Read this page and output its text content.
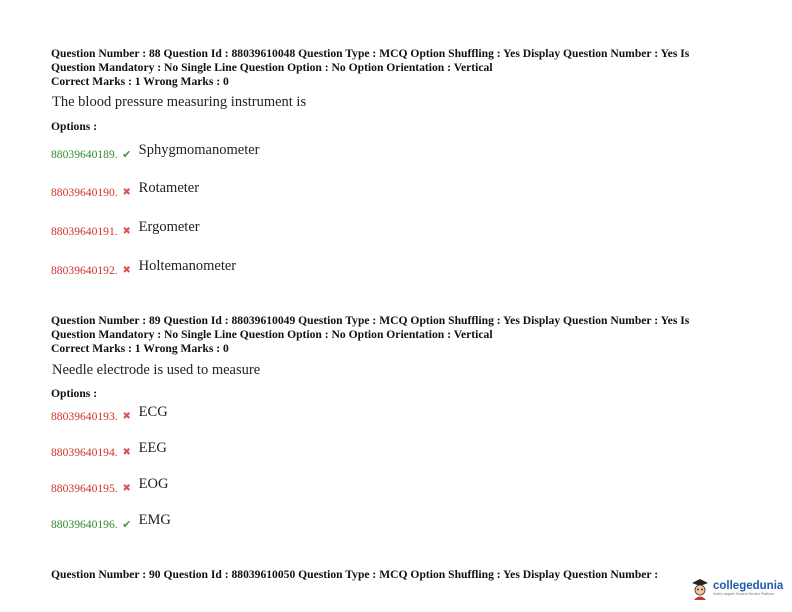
Question Number : 88 Question Id : 88039610048 Question Type : MCQ Option Shuffling : Yes Display Question Number : Yes Is
Question Mandatory : No Single Line Question Option : No Option Orientation : Vertical
Correct Marks : 1 Wrong Marks : 0
The blood pressure measuring instrument is
Options :
88039640189. ✔ Sphygmomanometer
88039640190. ✖ Rotameter
88039640191. ✖ Ergometer
88039640192. ✖ Holtemanometer
Question Number : 89 Question Id : 88039610049 Question Type : MCQ Option Shuffling : Yes Display Question Number : Yes Is
Question Mandatory : No Single Line Question Option : No Option Orientation : Vertical
Correct Marks : 1 Wrong Marks : 0
Needle electrode is used to measure
Options :
88039640193. ✖ ECG
88039640194. ✖ EEG
88039640195. ✖ EOG
88039640196. ✔ EMG
Question Number : 90 Question Id : 88039610050 Question Type : MCQ Option Shuffling : Yes Display Question Number :
collegedunia
India's largest Student Review Platform
